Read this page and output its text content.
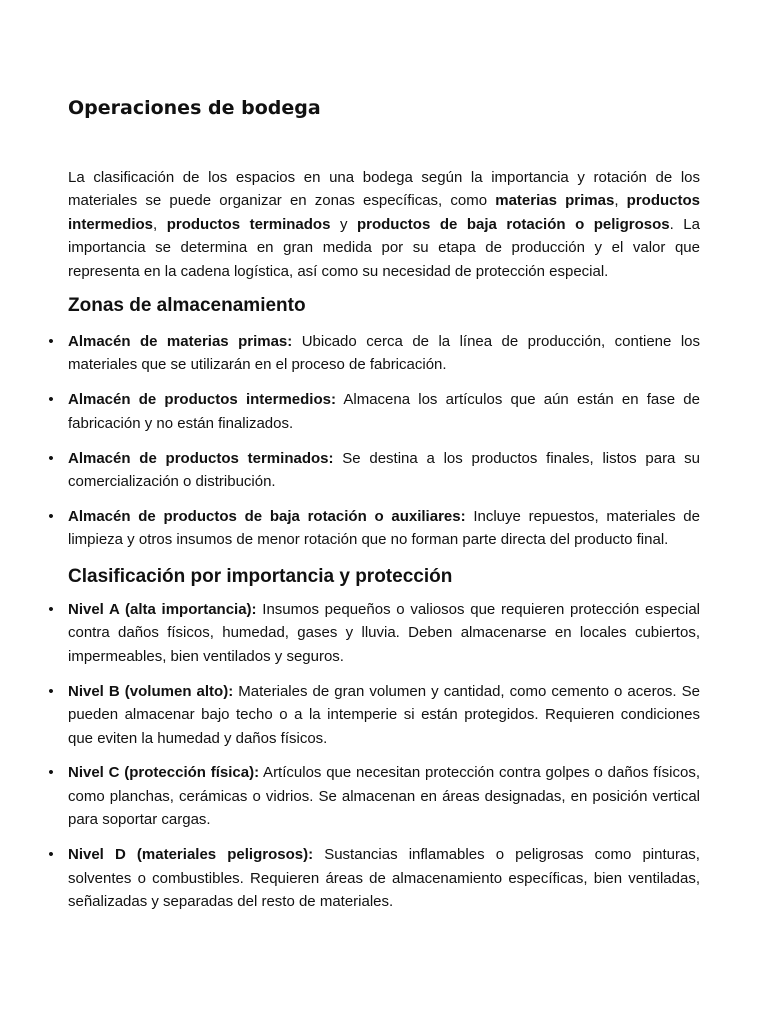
Operaciones de bodega

La clasificación de los espacios en una bodega según la importancia y rotación de los materiales se puede organizar en zonas específicas, como materias primas, productos intermedios, productos terminados y productos de baja rotación o peligrosos. La importancia se determina en gran medida por su etapa de producción y el valor que representa en la cadena logística, así como su necesidad de protección especial.

Zonas de almacenamiento
• Almacén de materias primas: Ubicado cerca de la línea de producción, contiene los materiales que se utilizarán en el proceso de fabricación.
• Almacén de productos intermedios: Almacena los artículos que aún están en fase de fabricación y no están finalizados.
• Almacén de productos terminados: Se destina a los productos finales, listos para su comercialización o distribución.
• Almacén de productos de baja rotación o auxiliares: Incluye repuestos, materiales de limpieza y otros insumos de menor rotación que no forman parte directa del producto final.
Clasificación por importancia y protección
• Nivel A (alta importancia): Insumos pequeños o valiosos que requieren protección especial contra daños físicos, humedad, gases y lluvia. Deben almacenarse en locales cubiertos, impermeables, bien ventilados y seguros.
• Nivel B (volumen alto): Materiales de gran volumen y cantidad, como cemento o aceros. Se pueden almacenar bajo techo o a la intemperie si están protegidos. Requieren condiciones que eviten la humedad y daños físicos.
• Nivel C (protección física): Artículos que necesitan protección contra golpes o daños físicos, como planchas, cerámicas o vidrios. Se almacenan en áreas designadas, en posición vertical para soportar cargas.
• Nivel D (materiales peligrosos): Sustancias inflamables o peligrosas como pinturas, solventes o combustibles. Requieren áreas de almacenamiento específicas, bien ventiladas, señalizadas y separadas del resto de materiales.
